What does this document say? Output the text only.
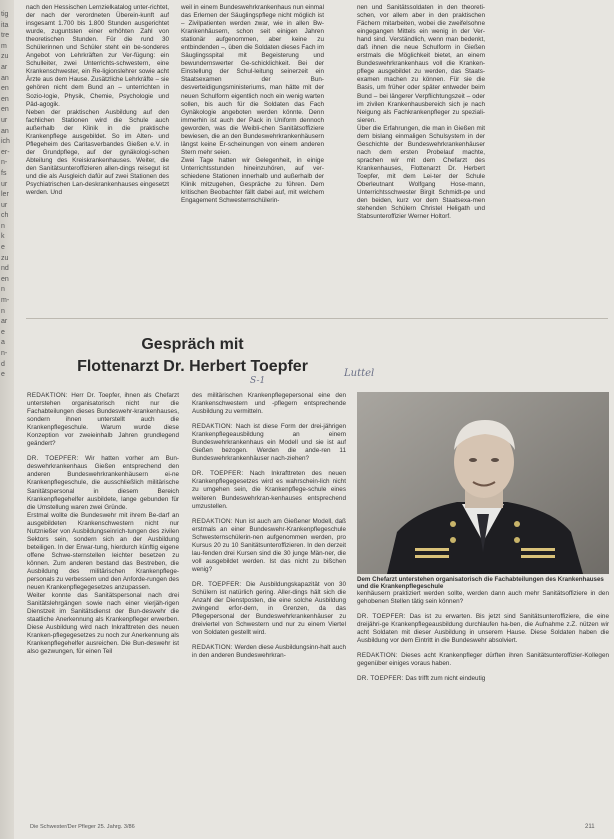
tig
ita
tre
m
zu
ar
an
en
en
en
ur
an
ich
er-
n-
fs
ur
ler
ur
ch
n
k
e
zu
nd
en
n
m-
n
ar
e
a
n-
d
e

nach den Hessischen Lernzielkatalog unter-richtet, der nach der verordneten Überein-kunft auf insgesamt 1.700 bis 1.800 Stunden ausgerichtet wurde, zuguntsten einer erhöhten Zahl von theoretischen Stunden. Für die rund 30 Schülerinnen und Schüler steht ein be-sonderes Angebot von Lehrkräften zur Ver-fügung: ein Schulleiter, zwei Unterrichts-schwestern, eine Krankenschwester, ein Re-ligionslehrer sowie acht Ärzte aus dem Hause. Zusätzliche Lehrkräfte – sie gehören nicht dem Bund an – unterrichten in Sozio-logie, Physik, Chemie, Psychologie und Päd-agogik.

Neben der praktischen Ausbildung auf den fachlichen Stationen wird die Schule auch außerhalb der Klinik in die praktische Krankenpflege ausgebildet. So im Alten- und Pflegeheim des Caritasverbandes Gießen e.V. in der Grundpflege, auf der gynäkologi-schen Abteilung des Kreiskrankenhauses. Weiter, die den Sanitätsunteroffizieren allen-dings reisegut ist und die als Ausgleich dafür auf zwei Stationen des Psychiatrischen Lan-deskrankenhauses eingesetzt werden. Und

weil in einem Bundeswehrkrankenhaus nun einmal das Erlernen der Säuglingspflege nicht möglich ist – Zivilpatienten werden zwar, wie in allen Bw-Krankenhäusern, schon seit einigen Jahren stationär aufgenommen, aber keine zu entbindenden –, üben die Soldaten dieses Fach im Säuglingsspital mit Begeisterung und bewundernswerter Ge-schicklichkeit. Bei der Einstellung der Schul-leitung seinerzeit ein Staatsexamen der Bun-desverteidigungsministeriums, man hätte mit der neuen Schulform eigentlich noch ein wenig warten sollen, bis auch für die Soldaten das Fach Gynäkologie angeboten werden könnte. Denn immerhin ist auch der Pack in Uniform dennoch geworden, was die Weibli-chen Sanitätsoffiziere bewiesen, die an den Bundeswehrkrankenhäusern längst keine Er-scheinungen von einem anderen Stern mehr seien.

Zwei Tage hatten wir Gelegenheit, in einige Unterrichtsstunden hineinzuhören, auf ver-schiedene Stationen innerhalb und außerhalb der Klinik mitzugehen, Gespräche zu führen. Dem kritischen Beobachter fällt dabei auf, mit welchem Engagement Schwesternschülerin-

nen und Sanitätssoldaten in den theoreti-schen, vor allem aber in den praktischen Fächern mitarbeiten, wobei die zweifelsohne eingegangen Mittels ein wenig in der Ver-hand sind. Verständlich, wenn man bedenkt, daß ihnen die neue Schulform in Gießen erstmals die Möglichkeit bietet, an einem Bundeswehrkrankenhaus voll die Kranken-pflege ausgebildet zu werden, das Staats-examen machen zu können. Für sie die Basis, um früher oder später entweder beim Bund – bei längerer Verpflichtungszeit – oder im zivilen Krankenhausbereich sich je nach Neigung als Fachkrankenpfleger zu speziali-sieren.

Über die Erfahrungen, die man in Gießen mit dem bislang einmaligen Schulsystem in der Geschichte der Bundeswehrkrankenhäuser nach dem ersten Probelauf machte, sprachen wir mit dem Chefarzt des Krankenhauses, Flottenarzt Dr. Herbert Toepfer, mit dem Lei-ter der Schule Oberleutnant Wolfgang Hose-mann, Unterrichtsschwester Birgit Schmidt-pe und den beiden, kurz vor dem Staatsexa-men stehenden Schülern Christel Heligath und Stabsunteroffizier Werner Holtorf.

Gespräch mit
Flottenarzt Dr. Herbert Toepfer	Luttel
S-1

REDAKTION: Herr Dr. Toepfer, ihnen als Chefarzt unterstehen organisatorisch nicht nur die Fachabteilungen dieses Bundeswehr-krankenhauses, sondern ihnen unterstellt auch die Krankenpflegeschule. Warum wurde diese Konzeption vor zweieinhalb Jahren grundlegend geändert?

DR. TOEPFER: Wir hatten vorher am Bun-deswehrkrankenhaus Gießen entsprechend den anderen Bundeswehrkrankenhäusern ei-ne Krankenpflegeschule, die ausschließlich militärische Sanitätspersonal in diesem Bereich Krankenpflegehelfer ausbildete, lange gebunden für die Umstellung waren zwei Gründe.

Erstmal wollte die Bundeswehr mit ihrem Be-darf an ausgebildeten Krankenschwestern nicht nur Nutznießer von Ausbildungseinrich-tungen des zivilen Sektors sein, sondern sich an der Ausbildung beteiligen. In der Erwar-tung, hierdurch künftig eigene offene Schwe-sternstellen leichter besetzen zu können. Zum anderen bestand das Bestreben, die Ausbildung des militärischen Krankenpflege-personals zu verbessern und den Anforde-rungen des neuen Krankenpflegegesetzes anzupassen.

Weiter konnte das Sanitätspersonal nach drei Sanitätslehrgängen sowie nach einer vierjäh-rigen Dienstzeit im Sanitätsdienst der Bun-deswehr die staatliche Anerkennung als Krankenpfleger erwerben. Diese Ausbildung wird nach Inkrafttreten des neuen Kranken-pflegegesetzes zu noch zur Anerkennung als Krankenpflegehelfer ausreichen. Die Bun-deswehr ist also gezwungen, für einen Teil

des militärischen Krankenpflegepersonal eine den Krankenschwestern und -pflegern entsprechende Ausbildung zu vermitteln.

REDAKTION: Nach ist diese Form der drei-jährigen Krankenpflegeausbildung an einem Bundeswehrkrankenhaus ein Modell und sie ist auf Gießen bezogen. Werden die ande-ren 11 Bundeswehrkrankenhäuser nach-ziehen?

DR. TOEPFER: Nach Inkrafttreten des neuen Krankenpflegegesetzes wird es wahrschein-lich nicht zu umgehen sein, die Krankenpflege-schule eines weiteren Bundeswehrkran-kenhauses entsprechend umzustellen.

REDAKTION: Nun ist auch am Gießener Modell, daß erstmals an einer Bundeswehr-Krankenpflegeschule Schwesternschülerin-nen aufgenommen werden, pro Kursus 20 zu 10 Sanitätsunteroffizieren. In den derzeit lau-fenden drei Kursen sind die 30 junge Män-ner, die voll ausgebildet werden. Ist das nicht zu bißchen wenig?

DR. TOEPFER: Die Ausbildungskapazität von 30 Schülern ist natürlich gering. Aller-dings hält sich die Anzahl der Dienstposten, die eine solche Ausbildung zwingend erfor-dern, in Grenzen, da das Pflegepersonal der Bundeswehrkrankenhäuser zu dreiviertel von Schwestern und nur zu einem Viertel von Soldaten gestellt wird.

REDAKTION: Werden diese Ausbildungsinn-halt auch in den anderen Bundeswehrkran-

Dem Chefarzt unterstehen organisatorisch die Fachabteilungen des Krankenhauses und die Krankenpflegeschule

kenhäusern praktiziert werden sollte, werden dann auch mehr Sanitätsoffiziere in den gehobenen Stellen tätig sein können?

DR. TOEPFER: Das ist zu erwarten. Bis jetzt sind Sanitätsunteroffiziere, die eine dreijähri-ge Krankenpflegeausbildung durchlaufen ha-ben, die Aufnahme z.Z. nützen wir acht Soldaten mit dieser Ausbildung in unserem Hause. Diese Soldaten haben die Ausbildung vor dem Eintritt in die Bundeswehr absolviert.

REDAKTION: Dieses acht Krankenpfleger dürften ihren Sanitätsunteroffizier-Kollegen gegenüber einiges voraus haben.

DR. TOEPFER: Das trifft zum nicht eindeutig

Die Schwester/Der Pfleger 25. Jahrg. 3/86	211
